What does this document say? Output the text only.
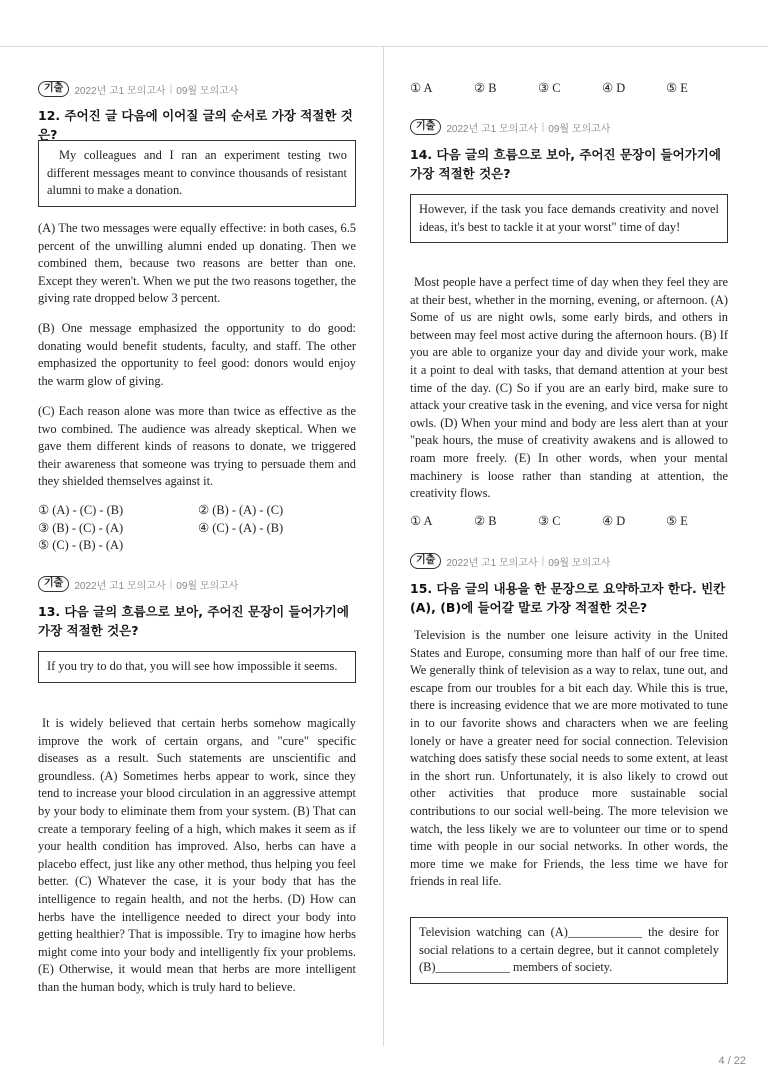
기출	2022년 고1 모의고사 | 09월 모의고사
12. 주어진 글 다음에 이어질 글의 순서로 가장 적절한 것은?
My colleagues and I ran an experiment testing two different messages meant to convince thousands of resistant alumni to make a donation.
(A) The two messages were equally effective: in both cases, 6.5 percent of the unwilling alumni ended up donating. Then we combined them, because two reasons are better than one. Except they weren't. When we put the two reasons together, the giving rate dropped below 3 percent.
(B) One message emphasized the opportunity to do good: donating would benefit students, faculty, and staff. The other emphasized the opportunity to feel good: donors would enjoy the warm glow of giving.
(C) Each reason alone was more than twice as effective as the two combined. The audience was already skeptical. When we gave them different kinds of reasons to donate, we triggered their awareness that someone was trying to persuade them and they shielded themselves against it.
① (A) - (C) - (B)	② (B) - (A) - (C)
③ (B) - (C) - (A)	④ (C) - (A) - (B)
⑤ (C) - (B) - (A)
기출	2022년 고1 모의고사 | 09월 모의고사
13. 다음 글의 흐름으로 보아, 주어진 문장이 들어가기에 가장 적절한 것은?
If you try to do that, you will see how impossible it seems.
It is widely believed that certain herbs somehow magically improve the work of certain organs, and "cure" specific diseases as a result. Such statements are unscientific and groundless. (A) Sometimes herbs appear to work, since they tend to increase your blood circulation in an aggressive attempt by your body to eliminate them from your system. (B) That can create a temporary feeling of a high, which makes it seem as if your health condition has improved. Also, herbs can have a placebo effect, just like any other method, thus helping you feel better. (C) Whatever the case, it is your body that has the intelligence to regain health, and not the herbs. (D) How can herbs have the intelligence needed to direct your body into getting healthier? That is impossible. Try to imagine how herbs might come into your body and intelligently fix your problems. (E) Otherwise, it would mean that herbs are more intelligent than the human body, which is truly hard to believe.
① A	② B	③ C	④ D	⑤ E
기출	2022년 고1 모의고사 | 09월 모의고사
14. 다음 글의 흐름으로 보아, 주어진 문장이 들어가기에 가장 적절한 것은?
However, if the task you face demands creativity and novel ideas, it's best to tackle it at your worst" time of day!
Most people have a perfect time of day when they feel they are at their best, whether in the morning, evening, or afternoon. (A) Some of us are night owls, some early birds, and others in between may feel most active during the afternoon hours. (B) If you are able to organize your day and divide your work, make it a point to deal with tasks, that demand attention at your best time of the day. (C) So if you are an early bird, make sure to attack your creative task in the evening, and vice versa for night owls. (D) When your mind and body are less alert than at your "peak hours, the muse of creativity awakens and is allowed to roam more freely. (E) In other words, when your mental machinery is loose rather than standing at attention, the creativity flows.
① A	② B	③ C	④ D	⑤ E
기출	2022년 고1 모의고사 | 09월 모의고사
15. 다음 글의 내용을 한 문장으로 요약하고자 한다. 빈칸 (A), (B)에 들어갈 말로 가장 적절한 것은?
Television is the number one leisure activity in the United States and Europe, consuming more than half of our free time. We generally think of television as a way to relax, tune out, and escape from our troubles for a bit each day. While this is true, there is increasing evidence that we are more motivated to tune in to our favorite shows and characters when we are feeling lonely or have a greater need for social connection. Television watching does satisfy these social needs to some extent, at least in the short run. Unfortunately, it is also likely to crowd out other activities that produce more sustainable social contributions to our social well-being. The more television we watch, the less likely we are to volunteer our time or to spend time with people in our social networks. In other words, the more time we make for Friends, the less time we have for friends in real life.
Television watching can (A)____________ the desire for social relations to a certain degree, but it cannot completely (B)____________ members of society.
4 / 22
